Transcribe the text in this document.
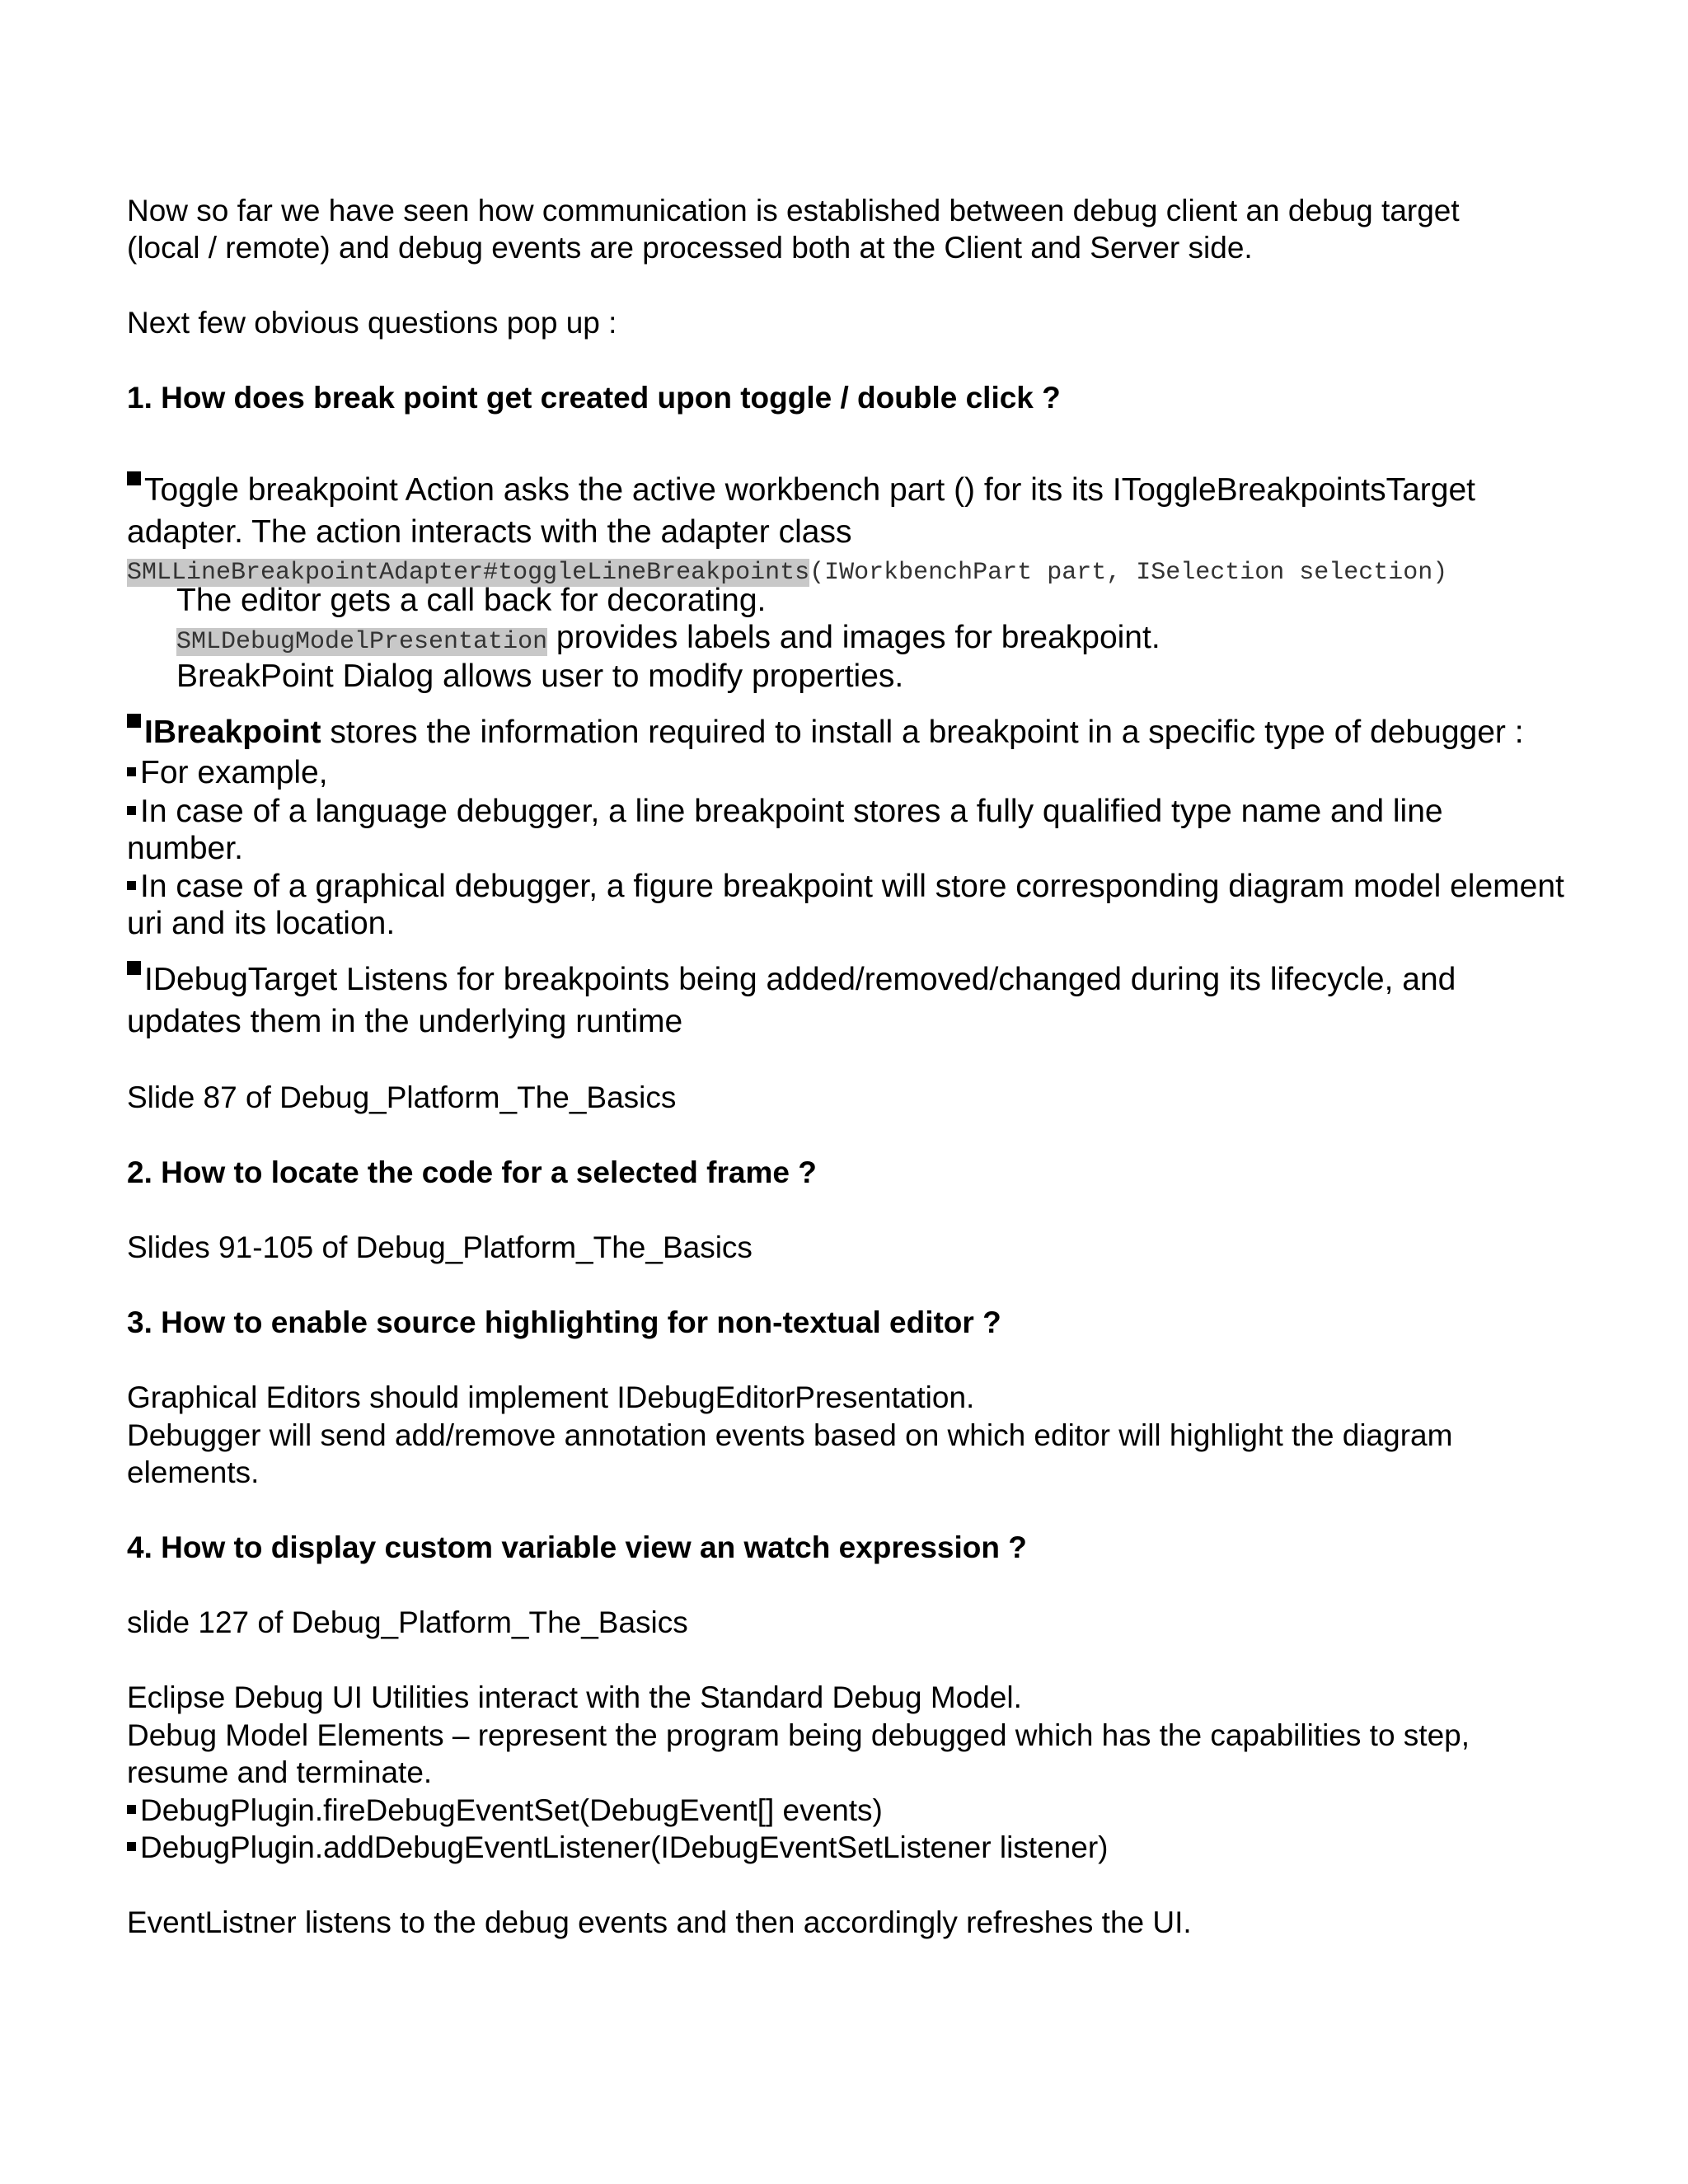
Now so far we have seen how communication is established between debug client an debug target
(local / remote) and debug events are processed both at the Client and Server side.
Next few obvious questions pop up :
1. How does break point get created upon toggle / double click ?
Toggle breakpoint Action asks the active workbench part () for its its IToggleBreakpointsTarget
adapter. The action interacts with the adapter class
SMLLineBreakpointAdapter#toggleLineBreakpoints(IWorkbenchPart part, ISelection selection)
The editor gets a call back for decorating.
SMLDebugModelPresentation provides labels and images for breakpoint.
BreakPoint Dialog allows user to modify properties.
IBreakpoint stores the information required to install a breakpoint in a specific type of debugger :
For example,
In case of a language debugger, a line breakpoint stores a fully qualified type name and line
number.
In case of a graphical debugger, a figure breakpoint will store corresponding diagram model element
uri and its location.
IDebugTarget Listens for breakpoints being added/removed/changed during its lifecycle, and
updates them in the underlying runtime
Slide 87 of Debug_Platform_The_Basics
2. How to locate the code for a selected frame ?
Slides 91-105 of Debug_Platform_The_Basics
3. How to enable source highlighting for non-textual editor ?
Graphical Editors should implement IDebugEditorPresentation.
Debugger will send add/remove annotation events based on which editor will highlight the diagram
elements.
4. How to display custom variable view an watch expression ?
slide 127 of Debug_Platform_The_Basics
Eclipse Debug UI Utilities interact with the Standard Debug Model.
Debug Model Elements – represent the program being debugged which has the capabilities to step,
resume and terminate.
DebugPlugin.fireDebugEventSet(DebugEvent[] events)
DebugPlugin.addDebugEventListener(IDebugEventSetListener listener)
EventListner listens to the debug events and then accordingly refreshes the UI.
